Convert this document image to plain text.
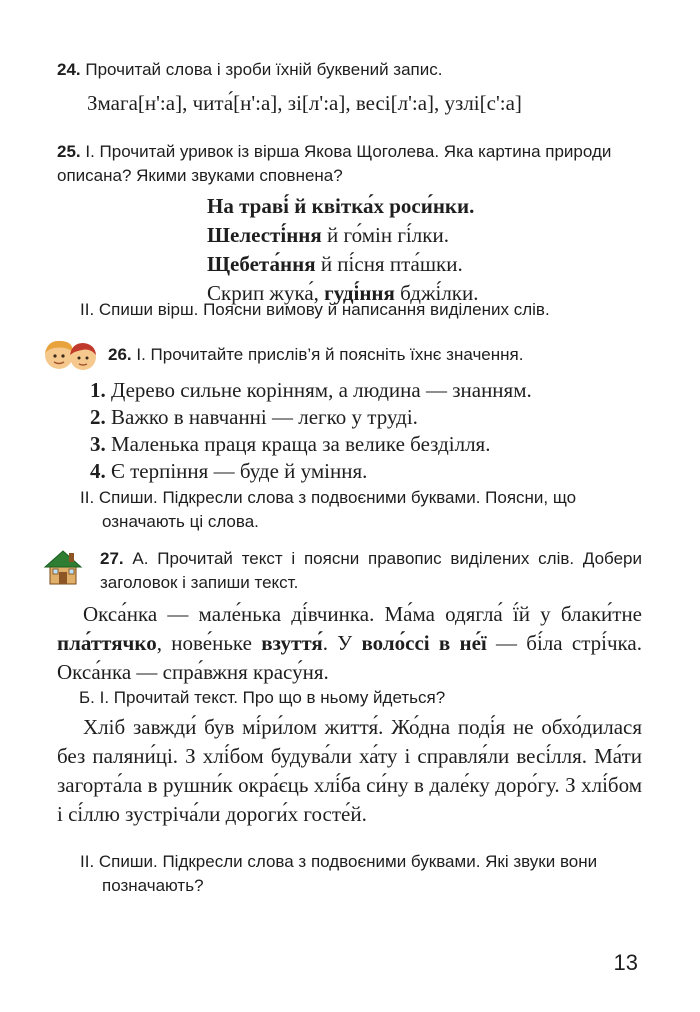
24. Прочитай слова і зроби їхній буквений запис.
Змага[н':а], чита́[н':а], зі[л':а], весі[л':а], узлі[с':а]
25. І. Прочитай уривок із вірша Якова Щоголева. Яка картина природи описана? Якими звуками сповнена?
На траві́ й квітка́х роси́нки.
Шелесті́ння й го́мін гі́лки.
Щебета́ння й пі́сня пта́шки.
Скрип жука́, гуді́ння бджі́лки.
ІІ. Спиши вірш. Поясни вимову й написання виділених слів.
26. І. Прочитайте прислів’я й поясніть їхнє значення.
1. Дерево сильне корінням, а людина — знанням.
2. Важко в навчанні — легко у труді.
3. Маленька праця краща за велике безділля.
4. Є терпіння — буде й уміння.
ІІ. Спиши. Підкресли слова з подвоєними буквами. Поясни, що означають ці слова.
27. А. Прочитай текст і поясни правопис виділених слів. Добери заголовок і запиши текст.
Окса́нка — мале́нька ді́вчинка. Ма́ма одягла́ ї́й у блаки́тне пла́ттячко, нове́ньке взуття́. У воло́ссі в не́ї — бі́ла стрі́чка. Окса́нка — спра́вжня красу́ня.
Б. І. Прочитай текст. Про що в ньому йдеться?
Хліб завжди́ був мі́ри́лом життя́. Жо́дна поді́я не обхо́дилася без паляни́ці. З хлі́бом будува́ли ха́ту і справля́ли весі́лля. Ма́ти загорта́ла в рушни́к окра́єць хлі́ба си́ну в дале́ку доро́гу. З хлі́бом і сі́ллю зустріча́ли дороги́х госте́й.
ІІ. Спиши. Підкресли слова з подвоєними буквами. Які звуки вони позначають?
13
